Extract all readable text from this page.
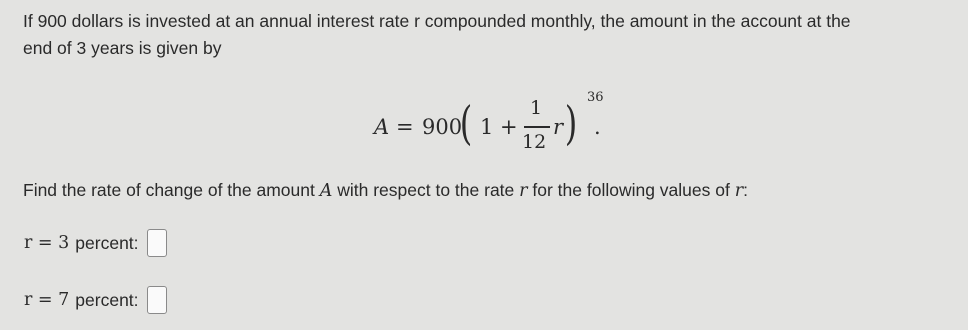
If 900 dollars is invested at an annual interest rate r compounded monthly, the amount in the account at the
end of 3 years is given by
A = 900
( 1 +
1
12
r ) 36
.
Find the rate of change of the amount A with respect to the rate r for the following values of r:
r = 3 percent:
r = 7 percent:
